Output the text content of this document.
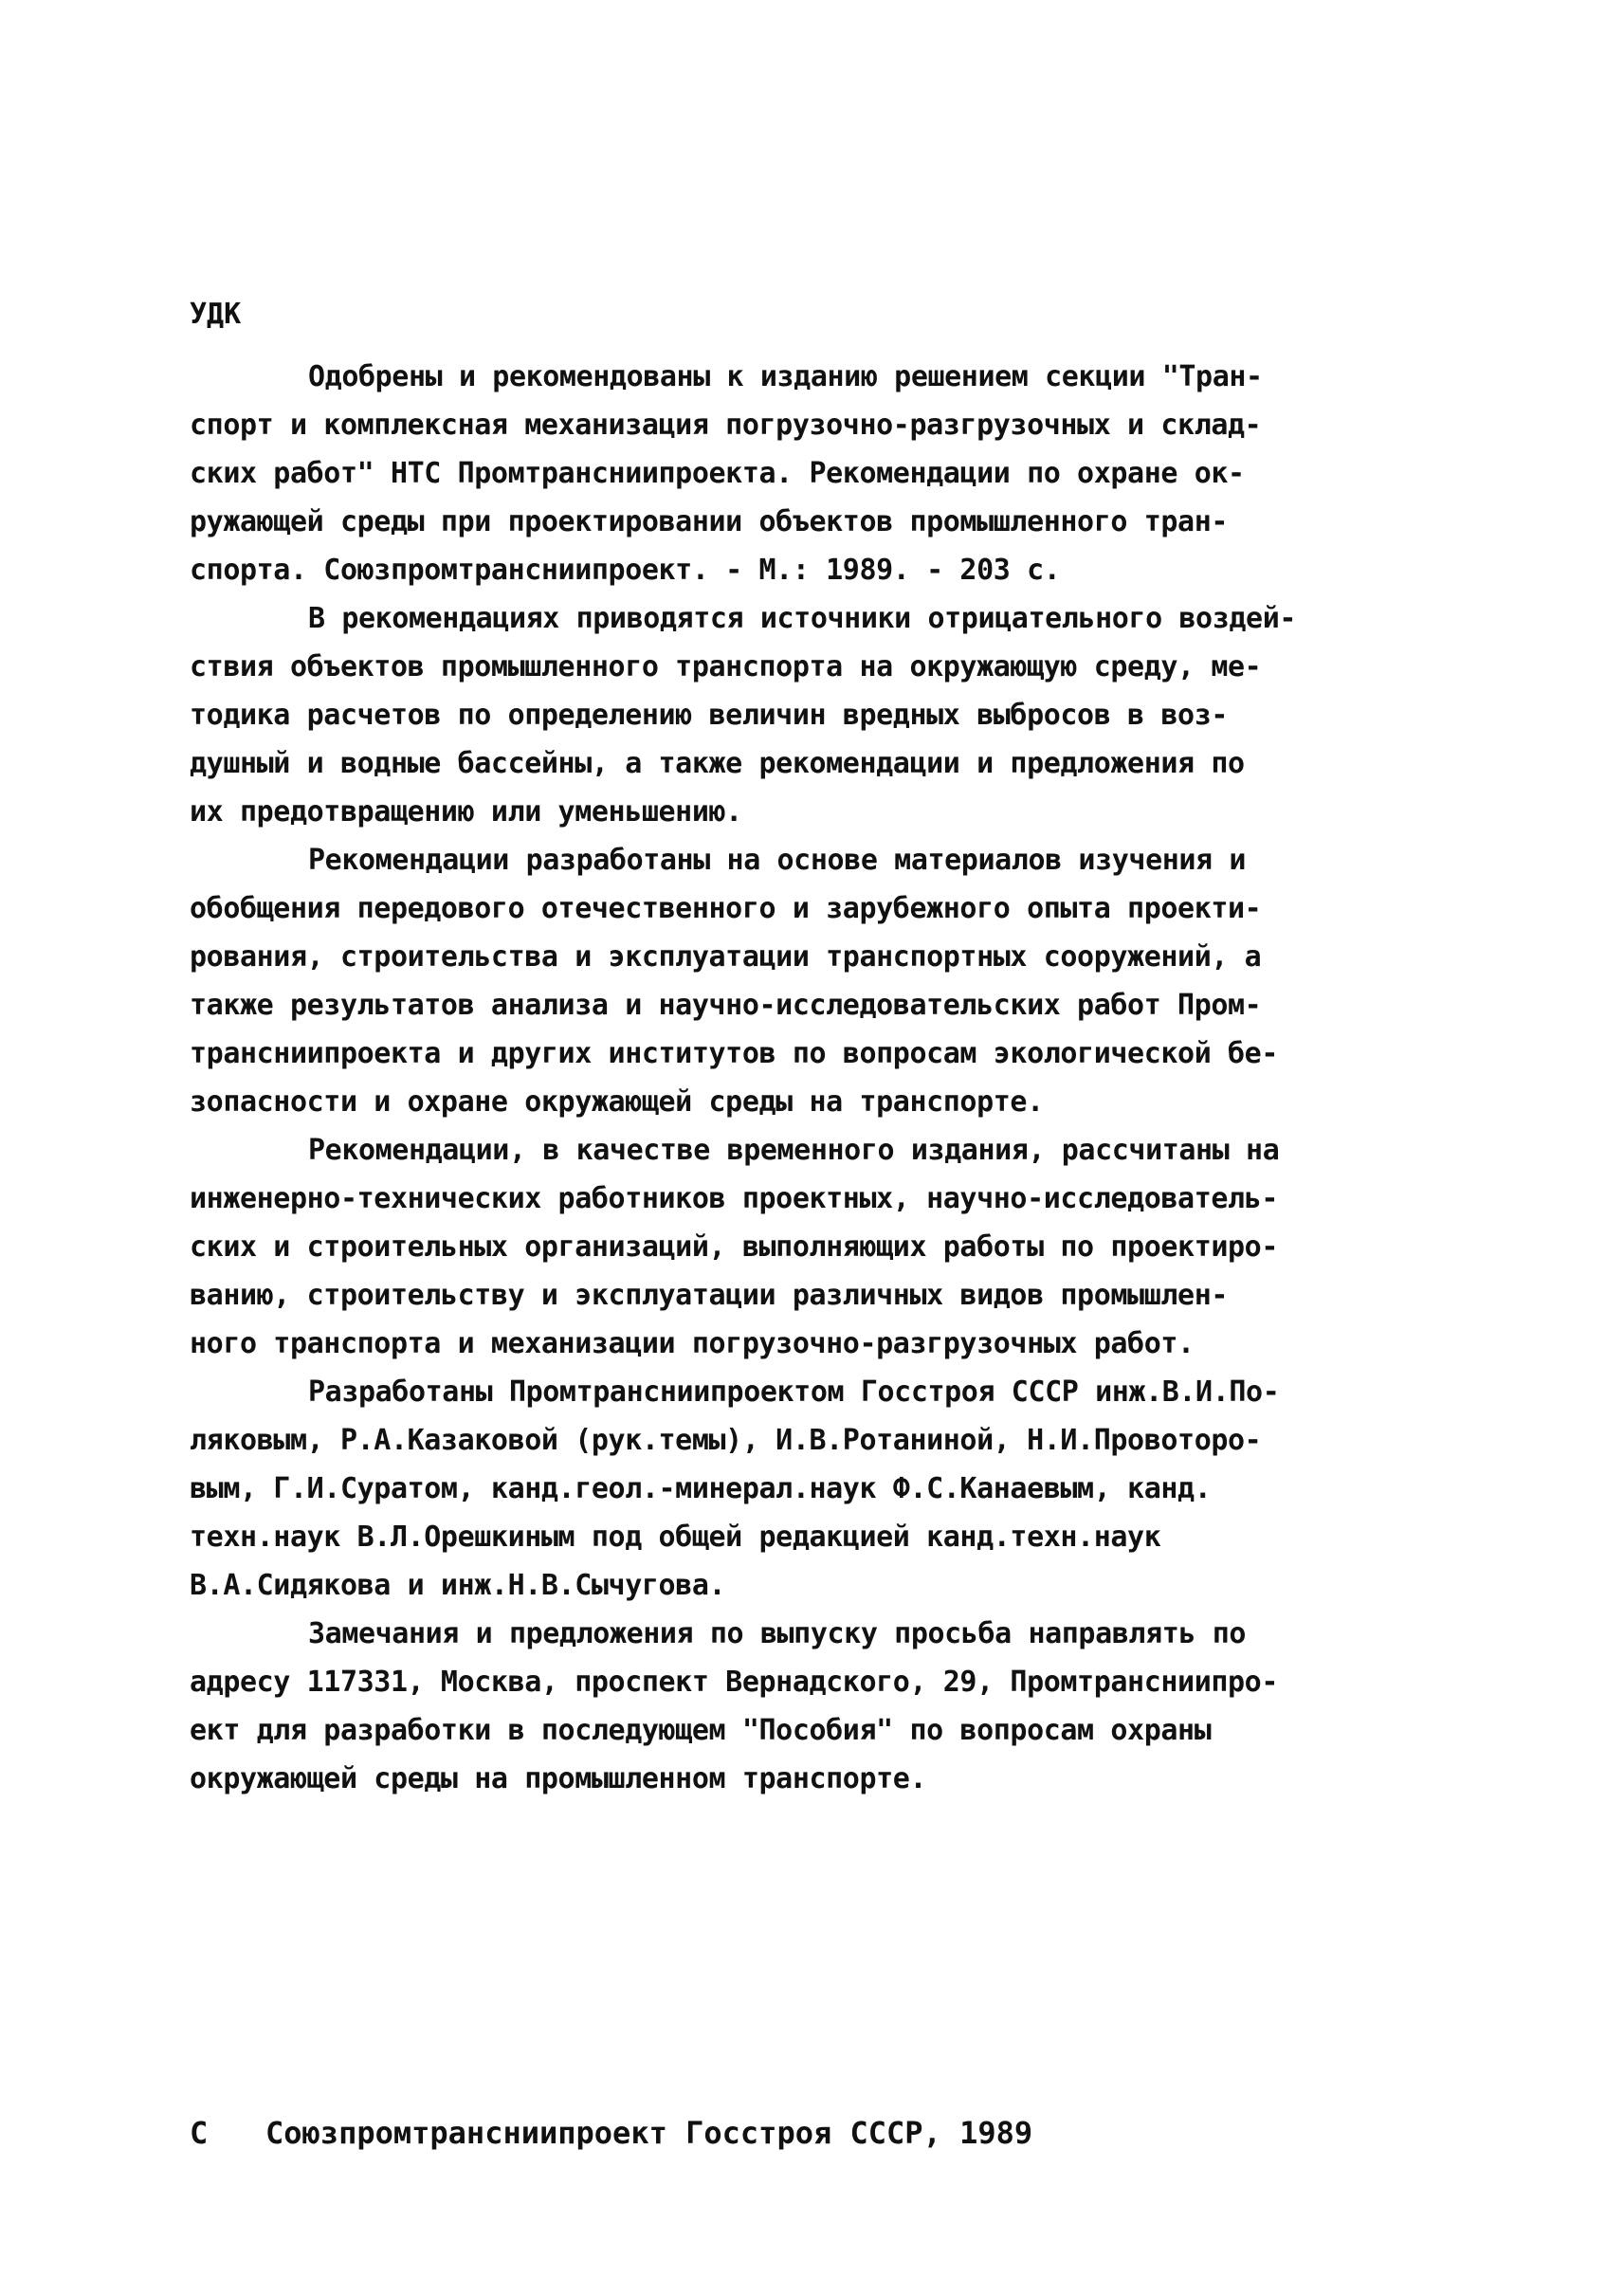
УДК
Одобрены и рекомендованы к изданию решением секции "Тран-
спорт и комплексная механизация погрузочно-разгрузочных и склад-
ских работ" НТС Промтрансниипроекта. Рекомендации по охране ок-
ружающей среды при проектировании объектов промышленного тран-
спорта. Союзпромтрансниипроект. - М.: 1989. - 203 с.
В рекомендациях приводятся источники отрицательного воздей-
ствия объектов промышленного транспорта на окружающую среду, ме-
тодика расчетов по определению величин вредных выбросов в воз-
душный и водные бассейны, а также рекомендации и предложения по
их предотвращению или уменьшению.
Рекомендации разработаны на основе материалов изучения и
обобщения передового отечественного и зарубежного опыта проекти-
рования, строительства и эксплуатации транспортных сооружений, а
также результатов анализа и научно-исследовательских работ Пром-
трансниипроекта и других институтов по вопросам экологической бе-
зопасности и охране окружающей среды на транспорте.
Рекомендации, в качестве временного издания, рассчитаны на
инженерно-технических работников проектных, научно-исследователь-
ских и строительных организаций, выполняющих работы по проектиро-
ванию, строительству и эксплуатации различных видов промышлен-
ного транспорта и механизации погрузочно-разгрузочных работ.
Разработаны Промтрансниипроектом Госстроя СССР инж.В.И.По-
ляковым, Р.А.Казаковой (рук.темы), И.В.Ротаниной, Н.И.Провоторо-
вым, Г.И.Суратом, канд.геол.-минерал.наук Ф.С.Канаевым, канд.
техн.наук В.Л.Орешкиным под общей редакцией канд.техн.наук
В.А.Сидякова и инж.Н.В.Сычугова.
Замечания и предложения по выпуску просьба направлять по
адресу 117331, Москва, проспект Вернадского, 29, Промтрансниипро-
ект для разработки в последующем "Пособия" по вопросам охраны
окружающей среды на промышленном транспорте.
С Союзпромтрансниипроект Госстроя СССР, 1989
